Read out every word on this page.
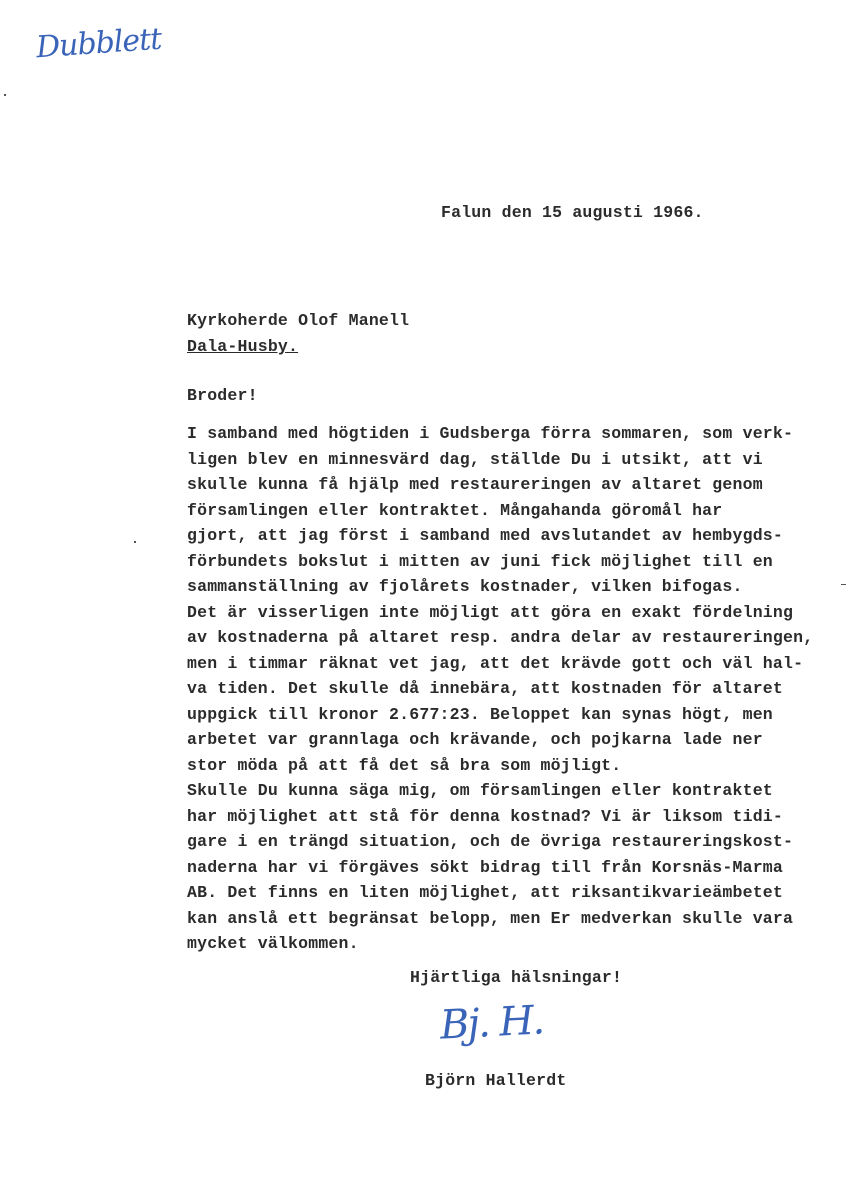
Dubblett
Falun den 15 augusti 1966.
Kyrkoherde Olof Manell
Dala-Husby.
Broder!
I samband med högtiden i Gudsberga förra sommaren, som verk-
ligen blev en minnesvärd dag, ställde Du i utsikt, att vi
skulle kunna få hjälp med restaureringen av altaret genom
församlingen eller kontraktet. Mångahanda göromål har
gjort, att jag först i samband med avslutandet av hembygds-
förbundets bokslut i mitten av juni fick möjlighet till en
sammanställning av fjolårets kostnader, vilken bifogas.
Det är visserligen inte möjligt att göra en exakt fördelning
av kostnaderna på altaret resp. andra delar av restaureringen,
men i timmar räknat vet jag, att det krävde gott och väl hal-
va tiden. Det skulle då innebära, att kostnaden för altaret
uppgick till kronor 2.677:23. Beloppet kan synas högt, men
arbetet var grannlaga och krävande, och pojkarna lade ner
stor möda på att få det så bra som möjligt.
Skulle Du kunna säga mig, om församlingen eller kontraktet
har möjlighet att stå för denna kostnad? Vi är liksom tidi-
gare i en trängd situation, och de övriga restaureringskost-
naderna har vi förgäves sökt bidrag till från Korsnäs-Marma
AB. Det finns en liten möjlighet, att riksantikvarieämbetet
kan anslå ett begränsat belopp, men Er medverkan skulle vara
mycket välkommen.
Hjärtliga hälsningar!
Bj. H.
Björn Hallerdt
